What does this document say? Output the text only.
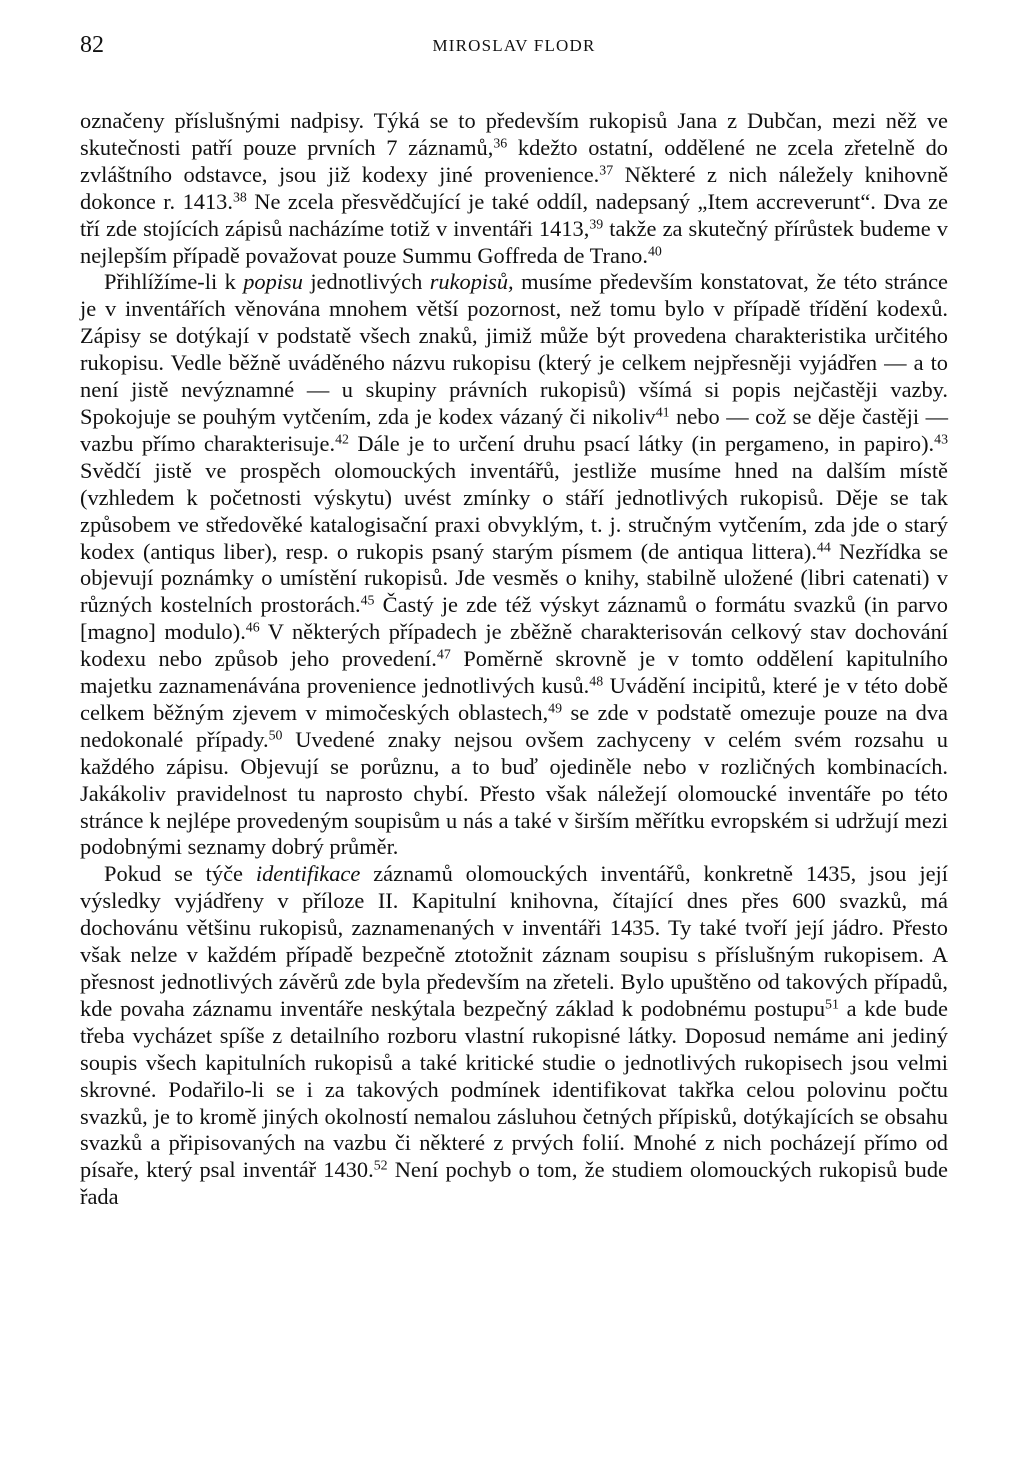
82	MIROSLAV FLODR

označeny příslušnými nadpisy. Týká se to především rukopisů Jana z Dubčan, mezi něž ve skutečnosti patří pouze prvních 7 záznamů,$^{36}$ kdežto ostatní, oddělené ne zcela zřetelně do zvláštního odstavce, jsou již kodexy jiné provenience.$^{37}$ Některé z nich náležely knihovně dokonce r. 1413.38 Ne zcela přesvědčující je také oddíl, nadepsaný „Item accreverunt“. Dva ze tří zde stojících zápisů nacházíme totiž v inventáři 1413,39 takže za skutečný přírůstek budeme v nejlepším případě považovat pouze Summu Goffreda de Trano.$^{40}$

Přihlížíme-li k popisu jednotlivých rukopisů, musíme především konstatovat, že této stránce je v inventářích věnována mnohem větší pozornost, než tomu bylo v případě třídění kodexů. Zápisy se dotýkají v podstatě všech znaků, jimiž může být provedena charakteristika určitého rukopisu. Vedle běžně uváděného názvu rukopisu (který je celkem nejpřesněji vyjádřen — a to není jistě nevýznamné — u skupiny právních rukopisů) všímá si popis nejčastěji vazby. Spokojuje se pouhým vytčením, zda je kodex vázaný či nikoliv$^{41}$ nebo — což se děje častěji — vazbu přímo charakterisuje.$^{42}$ Dále je to určení druhu psací látky (in pergameno, in papiro).$^{43}$ Svědčí jistě ve prospěch olomouckých inventářů, jestliže musíme hned na dalším místě (vzhledem k početnosti výskytu) uvést zmínky o stáří jednotlivých rukopisů. Děje se tak způsobem ve středověké katalogisační praxi obvyklým, t. j. stručným vytčením, zda jde o starý kodex (antiqus liber), resp. o rukopis psaný starým písmem (de antiqua littera).$^{44}$ Nezřídka se objevují poznámky o umístění rukopisů. Jde vesměs o knihy, stabilně uložené (libri catenati) v různých kostelních prostorách.$^{45}$ Častý je zde též výskyt záznamů o formátu svazků (in parvo [magno] modulo).$^{46}$ V některých případech je zběžně charakterisován celkový stav dochování kodexu nebo způsob jeho provedení.$^{47}$ Poměrně skrovně je v tomto oddělení kapitulního majetku zaznamenávána provenience jednotlivých kusů.$^{48}$ Uvádění incipitů, které je v této době celkem běžným zjevem v mimočeských oblastech,$^{49}$ se zde v podstatě omezuje pouze na dva nedokonalé případy.$^{50}$ Uvedené znaky nejsou ovšem zachyceny v celém svém rozsahu u každého zápisu. Objevují se porůznu, a to buď ojediněle nebo v rozličných kombinacích. Jakákoliv pravidelnost tu naprosto chybí. Přesto však náležejí olomoucké inventáře po této stránce k nejlépe provedeným soupisům u nás a také v širším měřítku evropském si udržují mezi podobnými seznamy dobrý průměr.

Pokud se týče identifikace záznamů olomouckých inventářů, konkretně 1435, jsou její výsledky vyjádřeny v příloze II. Kapitulní knihovna, čítající dnes přes 600 svazků, má dochovánu většinu rukopisů, zaznamenaných v inventáři 1435. Ty také tvoří její jádro. Přesto však nelze v každém případě bezpečně ztotožnit záznam soupisu s příslušným rukopisem. A přesnost jednotlivých závěrů zde byla především na zřeteli. Bylo upuštěno od takových případů, kde povaha záznamu inventáře neskýtala bezpečný základ k podobnému postupu$^{51}$ a kde bude třeba vycházet spíše z detailního rozboru vlastní rukopisné látky. Doposud nemáme ani jediný soupis všech kapitulních rukopisů a také kritické studie o jednotlivých rukopisech jsou velmi skrovné. Podařilo-li se i za takových podmínek identifikovat takřka celou polovinu počtu svazků, je to kromě jiných okolností nemalou zásluhou četných přípisků, dotýkajících se obsahu svazků a připisovaných na vazbu či některé z prvých folií. Mnohé z nich pocházejí přímo od písaře, který psal inventář 1430.52 Není pochyb o tom, že studiem olomouckých rukopisů bude řada
